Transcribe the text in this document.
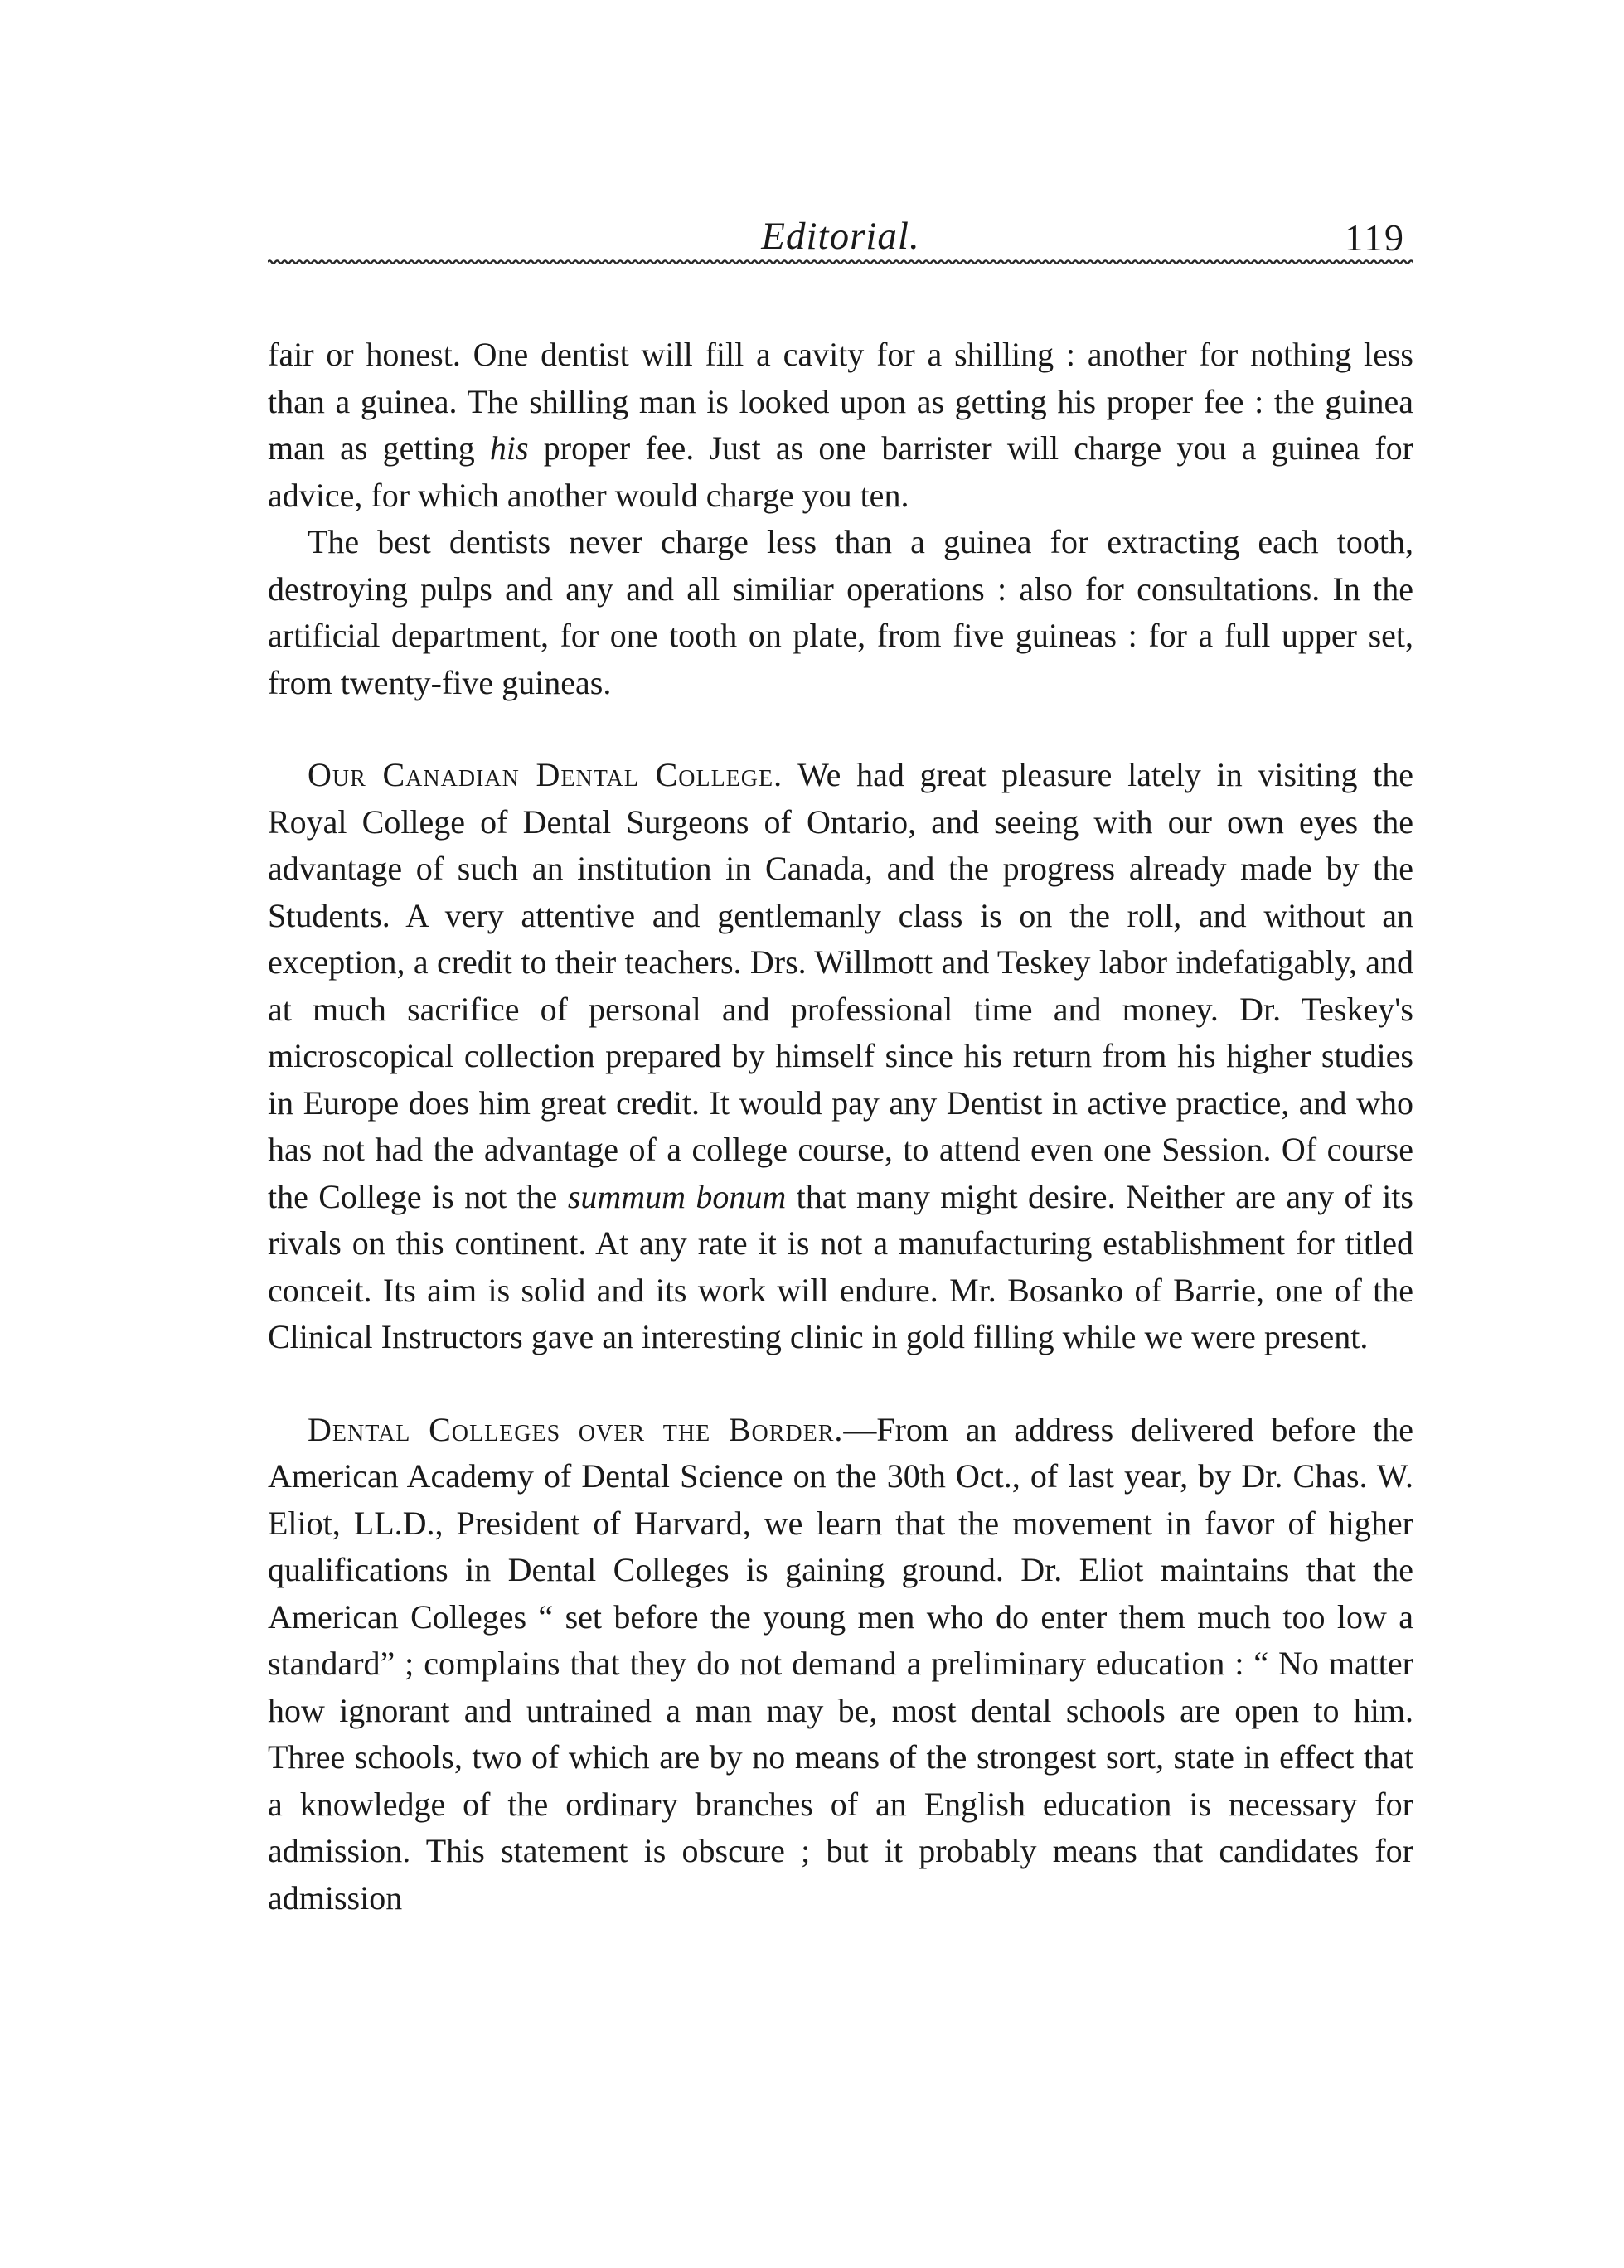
Editorial.	119

fair or honest. One dentist will fill a cavity for a shilling : another for nothing less than a guinea. The shilling man is looked upon as getting his proper fee : the guinea man as getting his proper fee. Just as one barrister will charge you a guinea for advice, for which another would charge you ten.

The best dentists never charge less than a guinea for extracting each tooth, destroying pulps and any and all similiar operations : also for consultations. In the artificial department, for one tooth on plate, from five guineas : for a full upper set, from twenty-five guineas.

Our Canadian Dental College. We had great pleasure lately in visiting the Royal College of Dental Surgeons of Ontario, and seeing with our own eyes the advantage of such an institution in Canada, and the progress already made by the Students. A very attentive and gentlemanly class is on the roll, and without an exception, a credit to their teachers. Drs. Willmott and Teskey labor indefatigably, and at much sacrifice of personal and professional time and money. Dr. Teskey's microscopical collection prepared by himself since his return from his higher studies in Europe does him great credit. It would pay any Dentist in active practice, and who has not had the advantage of a college course, to attend even one Session. Of course the College is not the summum bonum that many might desire. Neither are any of its rivals on this continent. At any rate it is not a manufacturing establishment for titled conceit. Its aim is solid and its work will endure. Mr. Bosanko of Barrie, one of the Clinical Instructors gave an interesting clinic in gold filling while we were present.

Dental Colleges over the Border.—From an address delivered before the American Academy of Dental Science on the 30th Oct., of last year, by Dr. Chas. W. Eliot, LL.D., President of Harvard, we learn that the movement in favor of higher qualifications in Dental Colleges is gaining ground. Dr. Eliot maintains that the American Colleges “ set before the young men who do enter them much too low a standard” ; complains that they do not demand a preliminary education : “ No matter how ignorant and untrained a man may be, most dental schools are open to him. Three schools, two of which are by no means of the strongest sort, state in effect that a knowledge of the ordinary branches of an English education is necessary for admission. This statement is obscure ; but it probably means that candidates for admission
